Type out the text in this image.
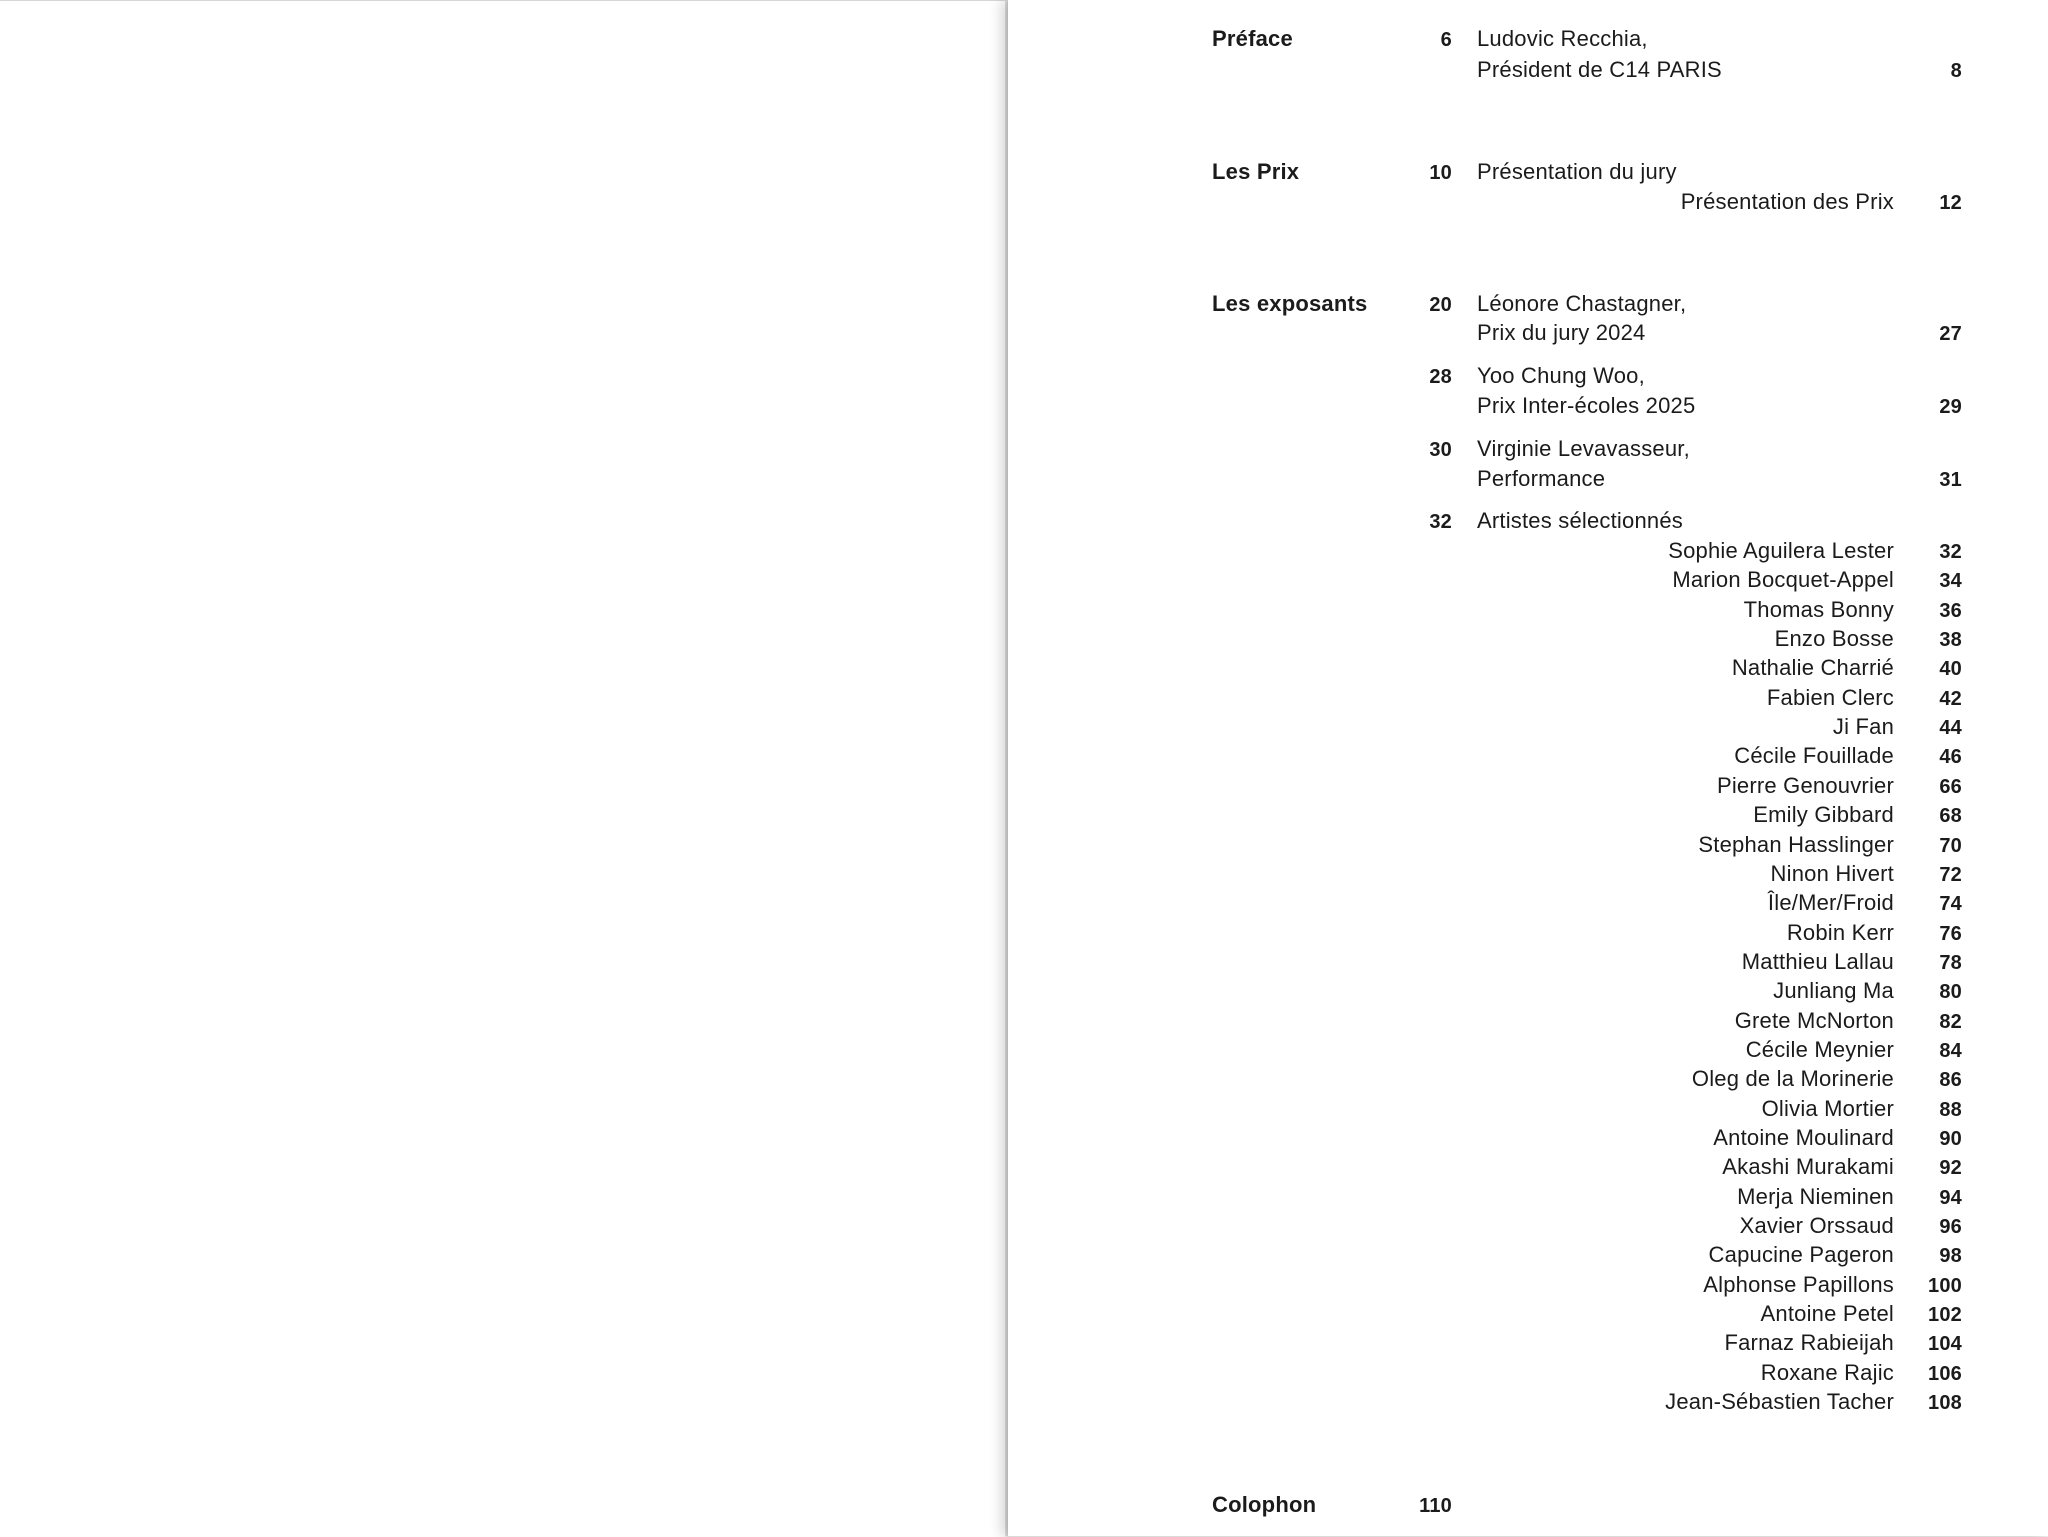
Préface	6 Ludovic Recchia,
Président de C14 PARIS	8
Les Prix	10 Présentation du jury
Présentation des Prix	12
Les exposants	20 Léonore Chastagner,
Prix du jury 2024	27
28 Yoo Chung Woo,
Prix Inter-écoles 2025	29
30 Virginie Levavasseur,
Performance	31
32 Artistes sélectionnés
Sophie Aguilera Lester	32
Marion Bocquet-Appel	34
Thomas Bonny	36
Enzo Bosse	38
Nathalie Charrié	40
Fabien Clerc	42
Ji Fan	44
Cécile Fouillade	46
Pierre Genouvrier	66
Emily Gibbard	68
Stephan Hasslinger	70
Ninon Hivert	72
Île/Mer/Froid	74
Robin Kerr	76
Matthieu Lallau	78
Junliang Ma	80
Grete McNorton	82
Cécile Meynier	84
Oleg de la Morinerie	86
Olivia Mortier	88
Antoine Moulinard	90
Akashi Murakami	92
Merja Nieminen	94
Xavier Orssaud	96
Capucine Pageron	98
Alphonse Papillons	100
Antoine Petel	102
Farnaz Rabieijah	104
Roxane Rajic	106
Jean-Sébastien Tacher	108
Colophon	110
